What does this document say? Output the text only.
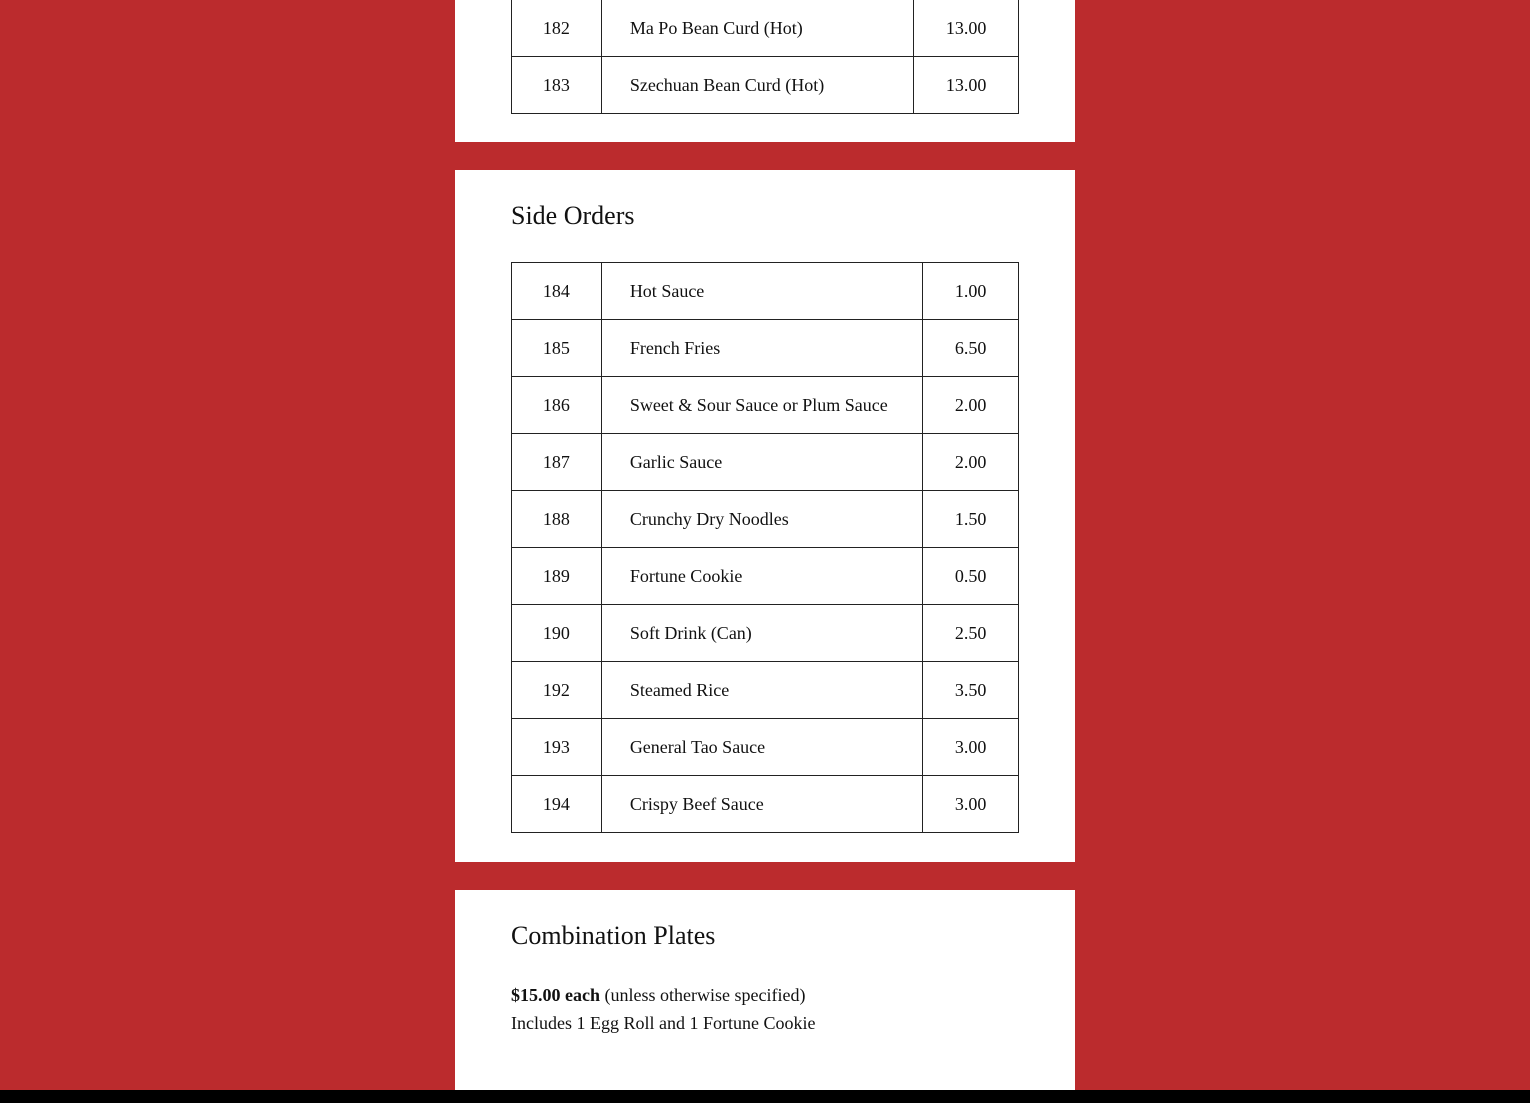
182	Ma Po Bean Curd (Hot)	13.00
183	Szechuan Bean Curd (Hot)	13.00
Side Orders
184	Hot Sauce	1.00
185	French Fries	6.50
186	Sweet & Sour Sauce or Plum Sauce	2.00
187	Garlic Sauce	2.00
188	Crunchy Dry Noodles	1.50
189	Fortune Cookie	0.50
190	Soft Drink (Can)	2.50
192	Steamed Rice	3.50
193	General Tao Sauce	3.00
194	Crispy Beef Sauce	3.00
Combination Plates

$15.00 each (unless otherwise specified)

Includes 1 Egg Roll and 1 Fortune Cookie
